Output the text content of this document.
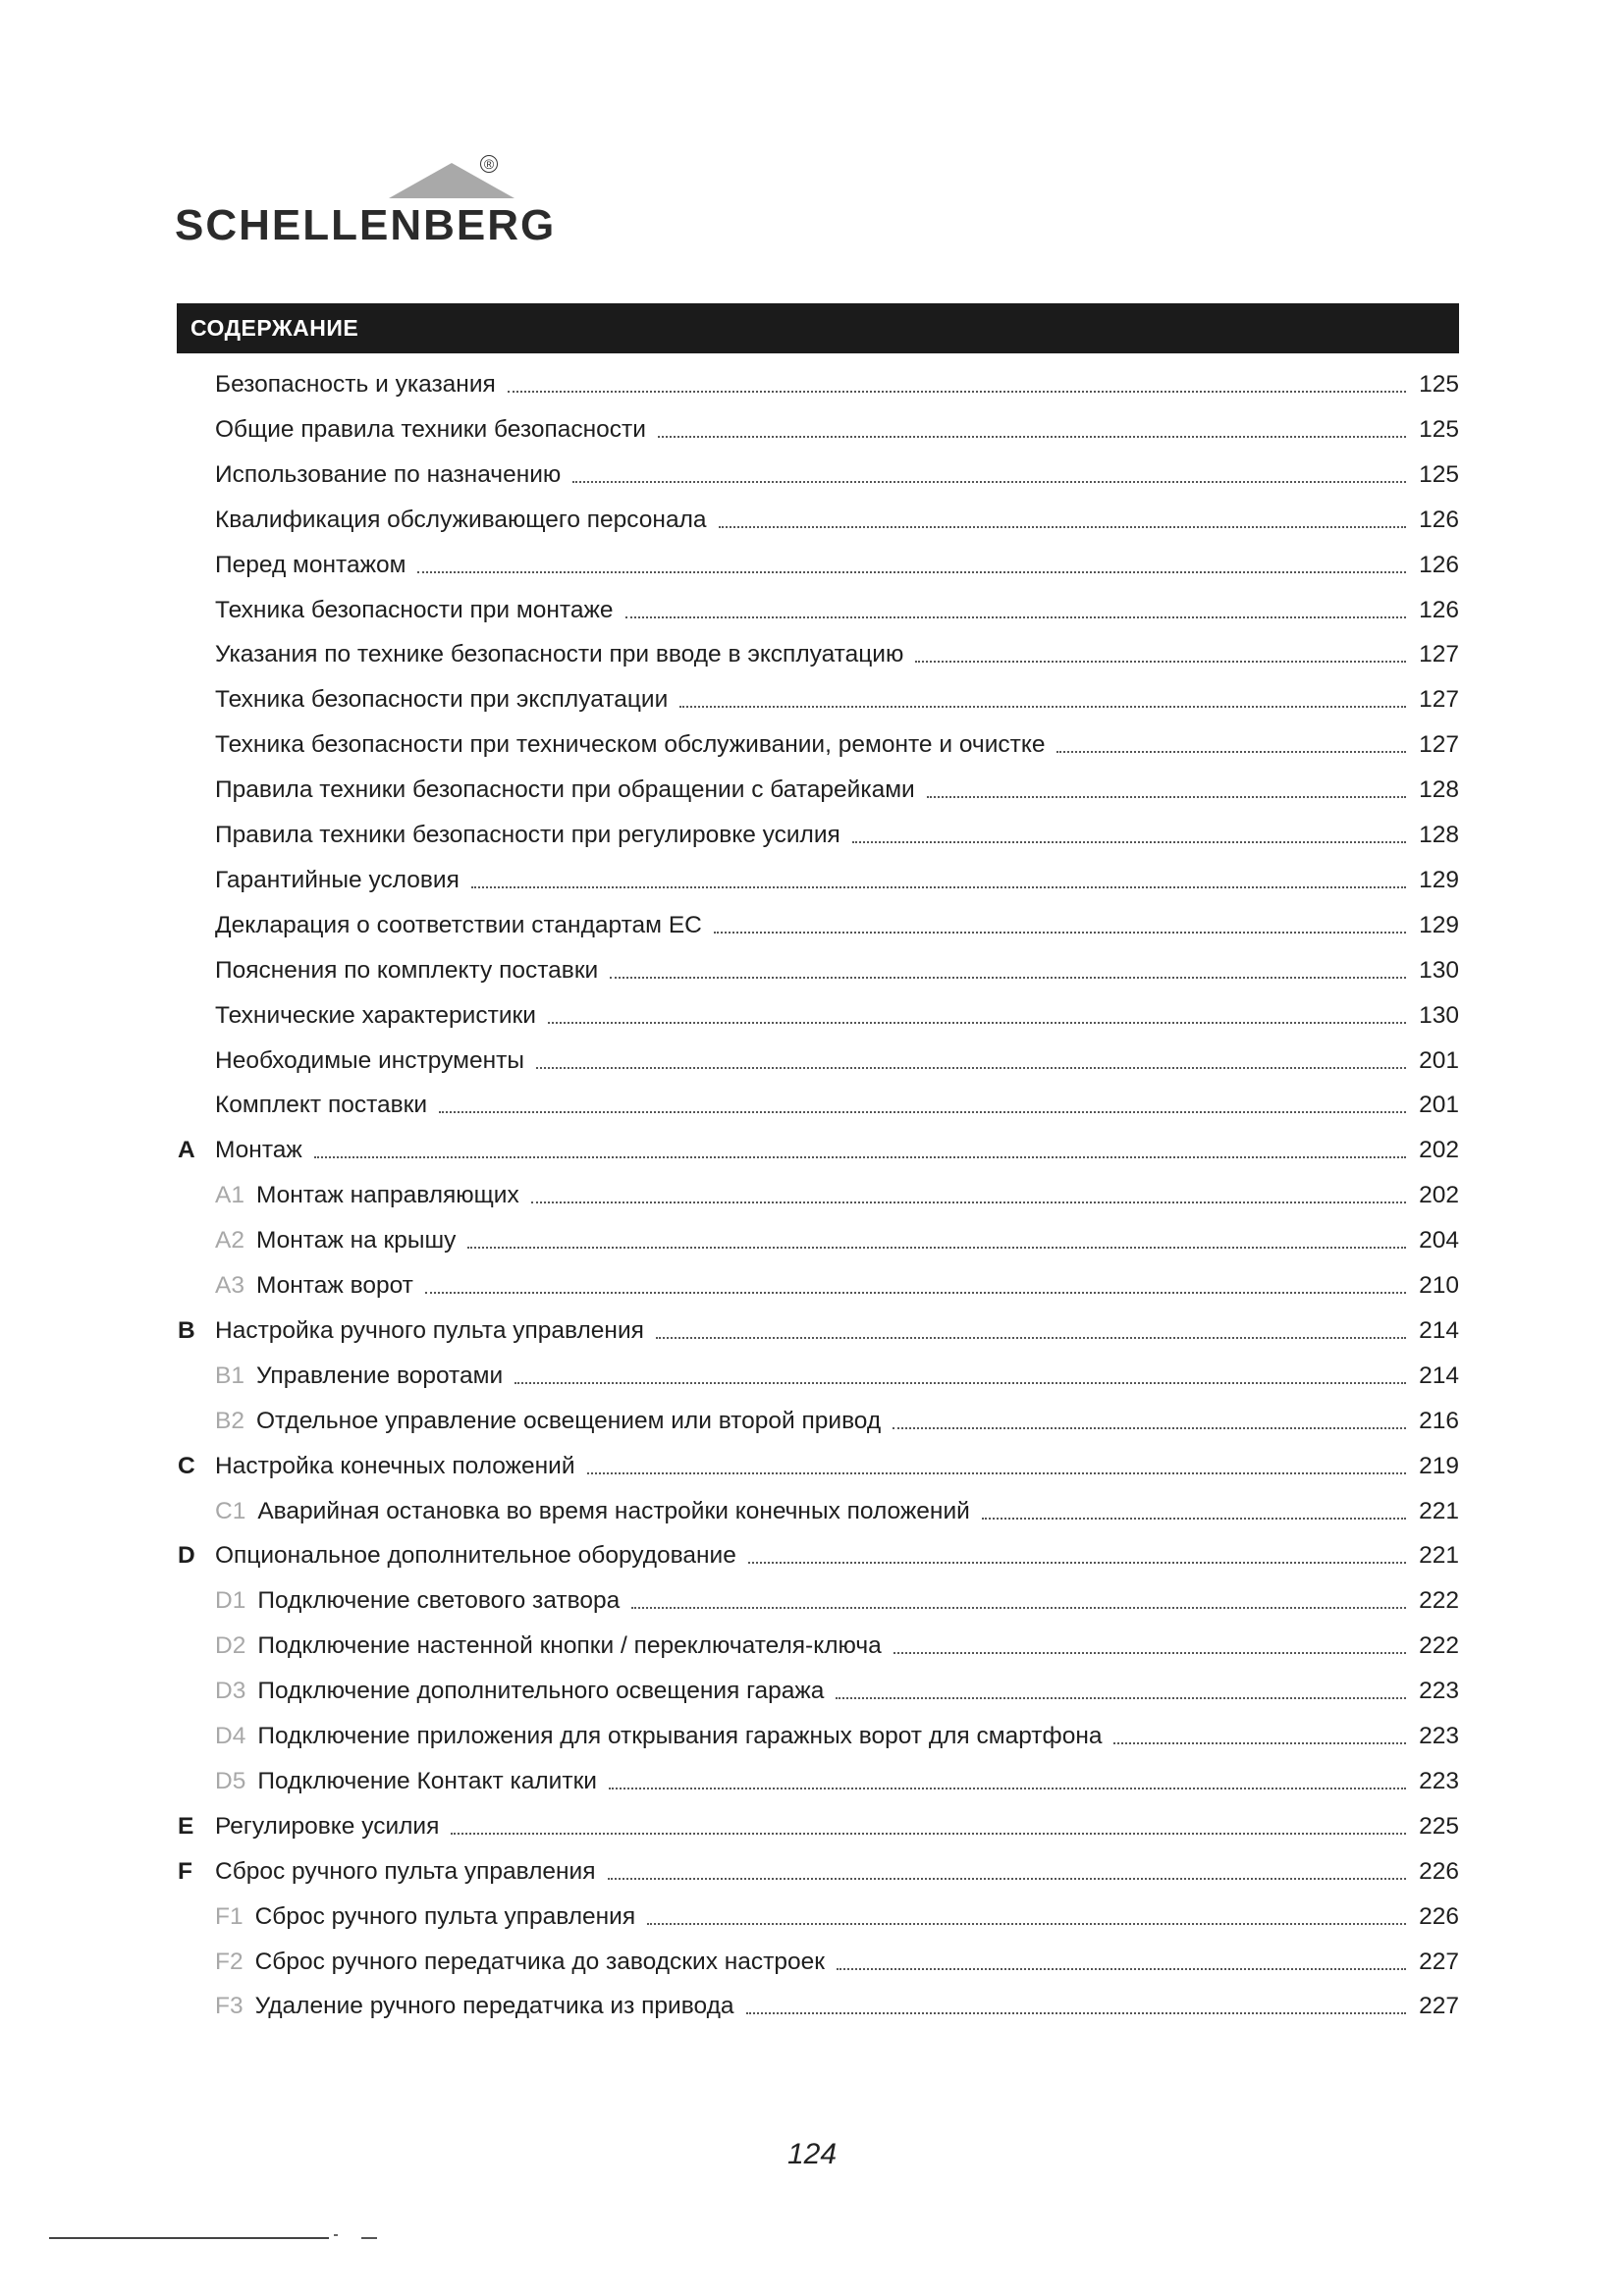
®
SCHELLENBERG
СОДЕРЖАНИЕ
Безопасность и указания	125
Общие правила техники безопасности	125
Использование по назначению	125
Квалификация обслуживающего персонала	126
Перед монтажом	126
Техника безопасности при монтаже	126
Указания по технике безопасности при вводе в эксплуатацию	127
Техника безопасности при эксплуатации	127
Техника безопасности при техническом обслуживании, ремонте и очистке	127
Правила техники безопасности при обращении с батарейками	128
Правила техники безопасности при регулировке усилия	128
Гарантийные условия	129
Декларация о соответствии стандартам ЕС	129
Пояснения по комплекту поставки	130
Технические характеристики	130
Необходимые инструменты	201
Комплект поставки	201
A Монтаж	202
A1 Монтаж направляющих	202
A2 Монтаж на крышу	204
A3 Монтаж ворот	210
B Настройка ручного пульта управления	214
B1 Управление воротами	214
B2 Отдельное управление освещением или второй привод	216
C Настройка конечных положений	219
C1 Аварийная остановка во время настройки конечных положений	221
D Опциональное дополнительное оборудование	221
D1 Подключение светового затвора	222
D2 Подключение настенной кнопки / переключателя-ключа	222
D3 Подключение дополнительного освещения гаража	223
D4 Подключение приложения для открывания гаражных ворот для смартфона	223
D5 Подключение Контакт калитки	223
E Регулировке усилия	225
F Сброс ручного пульта управления	226
F1 Сброс ручного пульта управления	226
F2 Сброс ручного передатчика до заводских настроек	227
F3 Удаление ручного передатчика из привода	227
124
